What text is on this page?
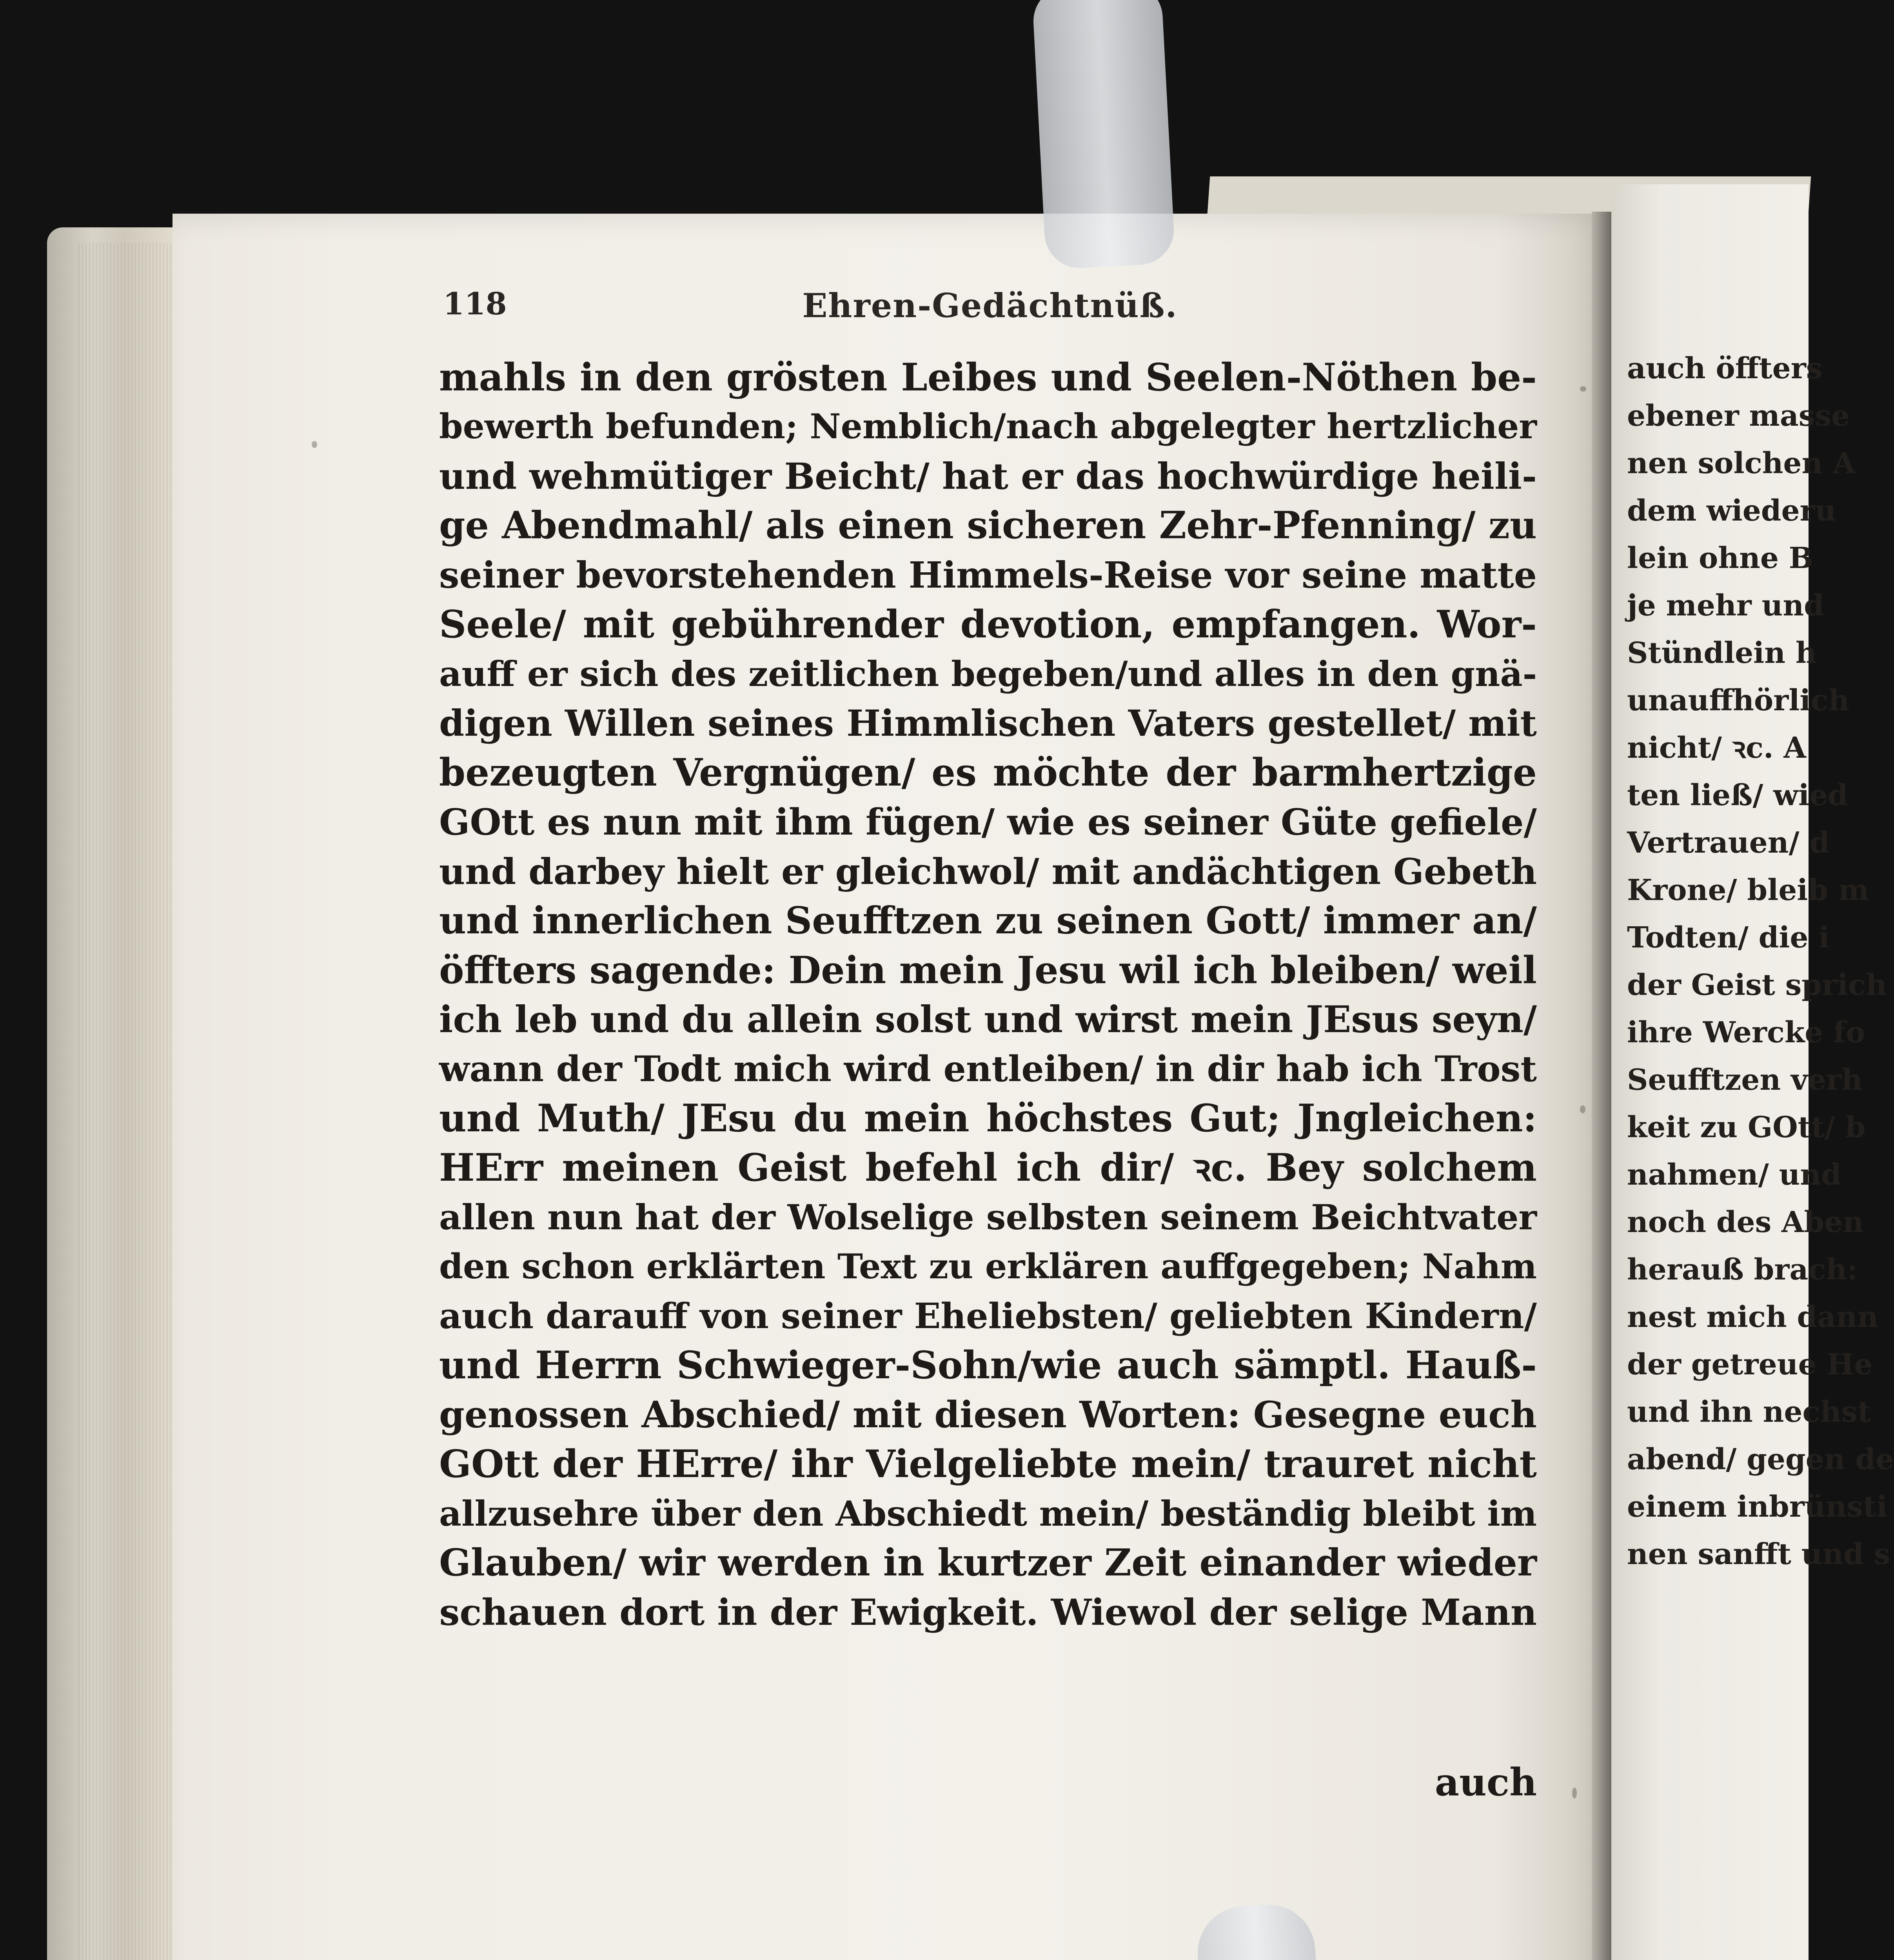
118	Ehren-Gedächtnüß.
mahls in den grösten Leibes und Seelen-Nöthen be-
bewerth befunden; Nemblich/nach abgelegter hertzlicher
und wehmütiger Beicht/ hat er das hochwürdige heili-
ge Abendmahl/ als einen sicheren Zehr-Pfenning/ zu
seiner bevorstehenden Himmels-Reise vor seine matte
Seele/ mit gebührender devotion, empfangen. Wor-
auff er sich des zeitlichen begeben/und alles in den gnä-
digen Willen seines Himmlischen Vaters gestellet/ mit
bezeugten Vergnügen/ es möchte der barmhertzige
GOtt es nun mit ihm fügen/ wie es seiner Güte gefiele/
und darbey hielt er gleichwol/ mit andächtigen Gebeth
und innerlichen Seufftzen zu seinen Gott/ immer an/
öffters sagende: Dein mein Jesu wil ich bleiben/ weil
ich leb und du allein solst und wirst mein JEsus seyn/
wann der Todt mich wird entleiben/ in dir hab ich Trost
und Muth/ JEsu du mein höchstes Gut; Jngleichen:
HErr meinen Geist befehl ich dir/ ꝛc. Bey solchem
allen nun hat der Wolselige selbsten seinem Beichtvater
den schon erklärten Text zu erklären auffgegeben; Nahm
auch darauff von seiner Eheliebsten/ geliebten Kindern/
und Herrn Schwieger-Sohn/wie auch sämptl. Hauß-
genossen Abschied/ mit diesen Worten: Gesegne euch
GOtt der HErre/ ihr Vielgeliebte mein/ trauret nicht
allzusehre über den Abschiedt mein/ beständig bleibt im
Glauben/ wir werden in kurtzer Zeit einander wieder
schauen dort in der Ewigkeit. Wiewol der selige Mann
auch
auch öffters
ebener masse
nen solchen A
dem wiederu
lein ohne B
je mehr und
Stündlein h
unauffhörlich
nicht/ ꝛc. A
ten ließ/ wied
Vertrauen/ d
Krone/ bleib m
Todten/ die i
der Geist sprich
ihre Wercke fo
Seufftzen verh
keit zu GOtt/ b
nahmen/ und
noch des Aben
herauß brach:
nest mich dann
der getreue He
und ihn nechst
abend/ gegen de
einem inbrünsti
nen sanfft und s
